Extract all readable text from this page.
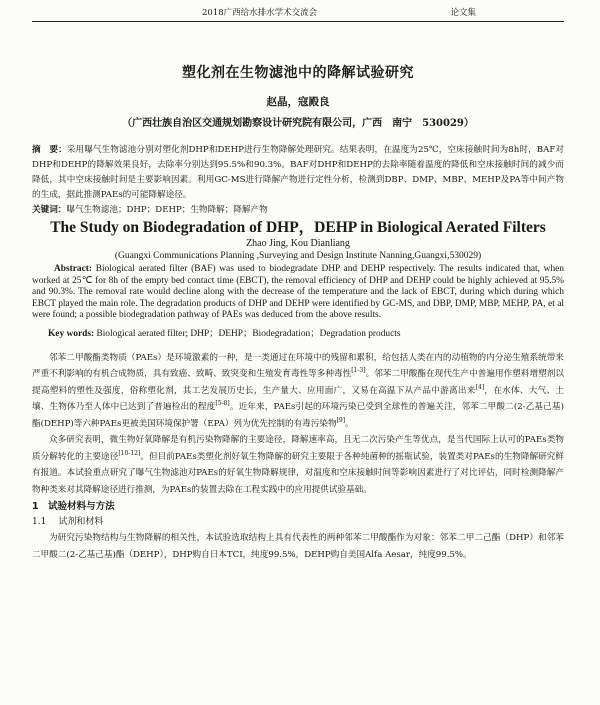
2018广西给水排水学术交流会	论文集
塑化剂在生物滤池中的降解试验研究
赵晶，寇殿良
（广西壮族自治区交通规划勘察设计研究院有限公司，广西　南宁　530029）
摘　要：采用曝气生物滤池分别对塑化剂DHP和DEHP进行生物降解处理研究。结果表明，在温度为25℃，空床接触时间为8h时，BAF对DHP和DEHP的降解效果良好，去除率分别达到95.5%和90.3%。BAF对DHP和DEHP的去除率随着温度的降低和空床接触时间的减少而降低，其中空床接触时间是主要影响因素。利用GC-MS进行降解产物进行定性分析，检测到DBP、DMP、MBP、MEHP及PA等中间产物的生成，据此推测PAEs的可能降解途径。
关键词：曝气生物滤池；DHP；DEHP；生物降解；降解产物
The Study on Biodegradation of DHP，DEHP in Biological Aerated Filters
Zhao Jing, Kou Dianliang
(Guangxi Communications Planning ,Surveying and Design Institute Nanning,Guangxi,530029)
Abstract: Biological aerated filter (BAF) was used to biodegradate DHP and DEHP respectively. The results indicated that, when worked at 25℃ for 8h of the empty bed contact time (EBCT), the removal efficiency of DHP and DEHP could be highly achieved at 95.5% and 90.3%. The removal rate would decline along with the decrease of the temperature and the lack of EBCT, during which during which EBCT played the main role. The degradation products of DHP and DEHP were identified by GC-MS, and DBP, DMP, MBP, MEHP, PA, et al were found; a possible biodegradation pathway of PAEs was deduced from the above results.
Key words: Biological aerated filter; DHP；DEHP；Biodegradation；Degradation products
邻苯二甲酸酯类物质（PAEs）是环境激素的一种，是一类通过在环境中的残留和累积，给包括人类在内的动植物的内分泌生殖系统带来严重不利影响的有机合成物质，具有致癌、致畸、致突变和生殖发育毒性等多种毒性[1-3]。邻苯二甲酸酯在现代生产中普遍用作塑料增塑剂以提高塑料的塑性及强度，俗称塑化剂，其工艺发展历史长，生产量大、应用面广，又易在高温下从产品中游离出来[4]，在水体、大气、土壤、生物体乃至人体中已达到了普遍检出的程度[5-8]。近年来，PAEs引起的环境污染已受到全球性的普遍关注，邻苯二甲酸二(2-乙基己基)酯(DEHP)等六种PAEs更被美国环境保护署（EPA）列为优先控制的有毒污染物[9]。
众多研究表明，微生物好氧降解是有机污染物降解的主要途径，降解速率高，且无二次污染产生等优点，是当代国际上认可的PAEs类物质分解转化的主要途径[10-12]。但目前PAEs类塑化剂好氧生物降解的研究主要限于各种纯菌种的摇瓶试验，装置类对PAEs的生物降解研究鲜有报道。本试验重点研究了曝气生物滤池对PAEs的好氧生物降解规律，对温度和空床接触时间等影响因素进行了对比评估，同时检测降解产物种类来对其降解途径进行推测，为PAEs的装置去除在工程实践中的应用提供试验基础。
1　试验材料与方法
1.1 试剂和材料
为研究污染物结构与生物降解的相关性，本试验选取结构上具有代表性的两种邻苯二甲酸酯作为对象：邻苯二甲二己酯（DHP）和邻苯二甲酸二(2-乙基己基)酯（DEHP），DHP购自日本TCI，纯度99.5%，DEHP购自美国Alfa Aesar，纯度99.5%。
